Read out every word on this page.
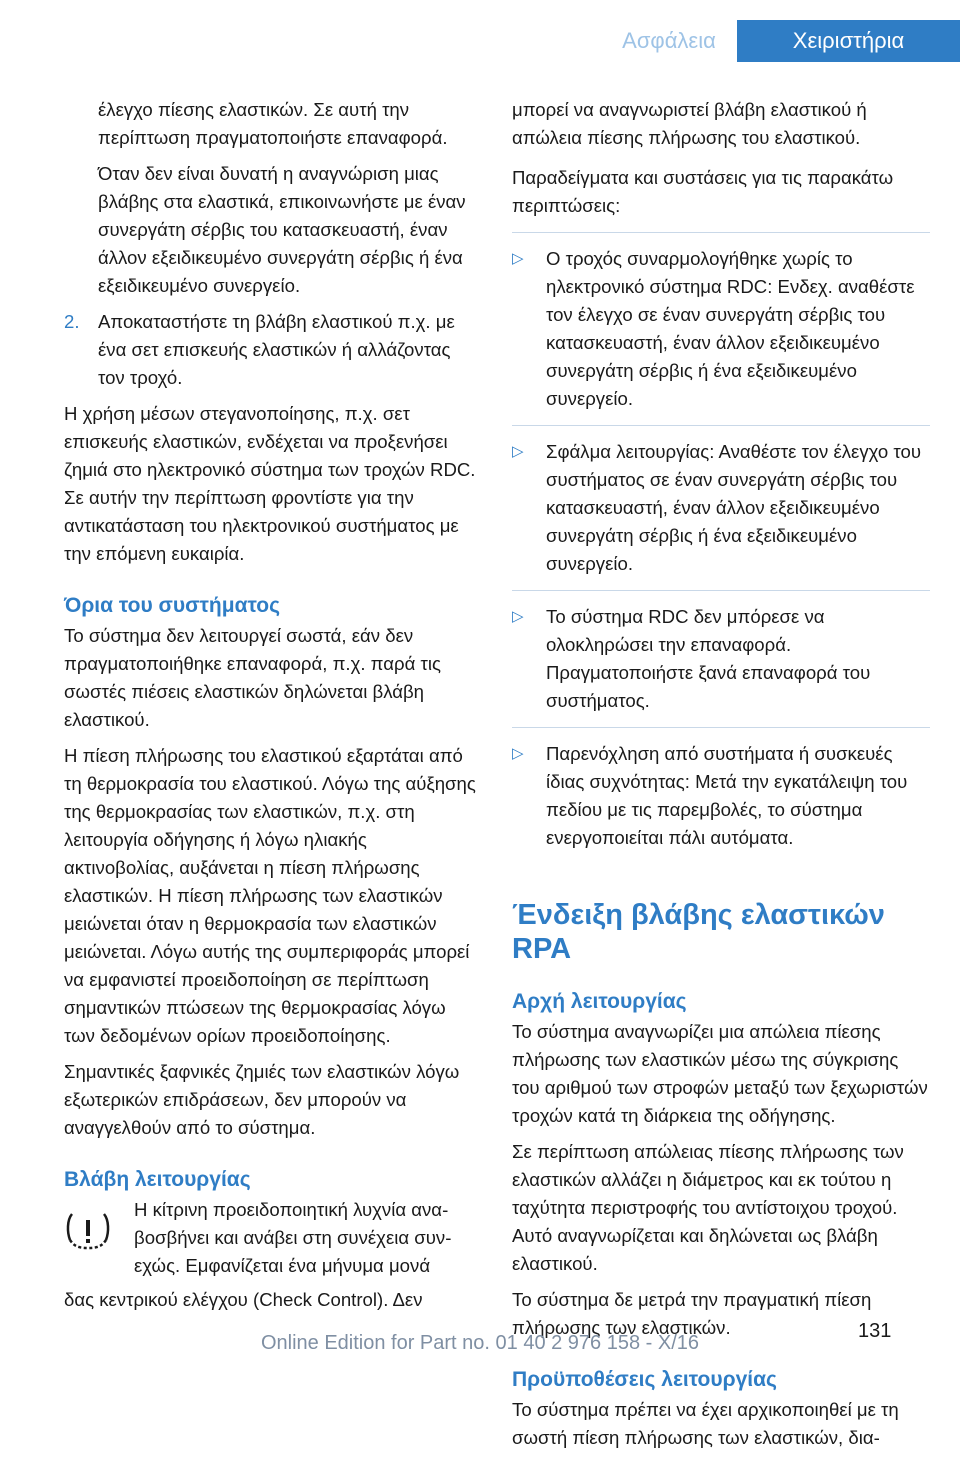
Ασφάλεια	Χειριστήρια

έλεγχο πίεσης ελαστικών. Σε αυτή την περίπτωση πραγματοποιήστε επαναφορά.

Όταν δεν είναι δυνατή η αναγνώριση μιας βλάβης στα ελαστικά, επικοινωνήστε με έναν συνεργάτη σέρβις του κατασκευαστή, έναν άλλον εξειδικευμένο συνεργάτη σέρβις ή ένα εξειδικευμένο συνεργείο.

2. Αποκαταστήστε τη βλάβη ελαστικού π.χ. με ένα σετ επισκευής ελαστικών ή αλλάζοντας τον τροχό.

Η χρήση μέσων στεγανοποίησης, π.χ. σετ επισκευής ελαστικών, ενδέχεται να προξενήσει ζημιά στο ηλεκτρονικό σύστημα των τροχών RDC. Σε αυτήν την περίπτωση φροντίστε για την αντικατάσταση του ηλεκτρονικού συστήματος με την επόμενη ευκαιρία.

Όρια του συστήματος

Το σύστημα δεν λειτουργεί σωστά, εάν δεν πραγματοποιήθηκε επαναφορά, π.χ. παρά τις σωστές πιέσεις ελαστικών δηλώνεται βλάβη ελαστικού.

Η πίεση πλήρωσης του ελαστικού εξαρτάται από τη θερμοκρασία του ελαστικού. Λόγω της αύξησης της θερμοκρασίας των ελαστικών, π.χ. στη λειτουργία οδήγησης ή λόγω ηλιακής ακτινοβολίας, αυξάνεται η πίεση πλήρωσης ελαστικών. Η πίεση πλήρωσης των ελαστικών μειώνεται όταν η θερμοκρασία των ελαστικών μειώνεται. Λόγω αυτής της συμπεριφοράς μπορεί να εμφανιστεί προειδοποίηση σε περίπτωση σημαντικών πτώσεων της θερμοκρασίας λόγω των δεδομένων ορίων προειδοποίησης.

Σημαντικές ξαφνικές ζημιές των ελαστικών λόγω εξωτερικών επιδράσεων, δεν μπορούν να αναγγελθούν από το σύστημα.

Βλάβη λειτουργίας
Η κίτρινη προειδοποιητική λυχνία αναβοσβήνει και ανάβει στη συνέχεια συνεχώς. Εμφανίζεται ένα μήνυμα μονά

δας κεντρικού ελέγχου (Check Control). Δεν

μπορεί να αναγνωριστεί βλάβη ελαστικού ή απώλεια πίεσης πλήρωσης του ελαστικού.

Παραδείγματα και συστάσεις για τις παρακάτω περιπτώσεις:

▷ Ο τροχός συναρμολογήθηκε χωρίς το ηλεκτρονικό σύστημα RDC: Ενδεχ. αναθέστε τον έλεγχο σε έναν συνεργάτη σέρβις του κατασκευαστή, έναν άλλον εξειδικευμένο συνεργάτη σέρβις ή ένα εξειδικευμένο συνεργείο.
▷ Σφάλμα λειτουργίας: Αναθέστε τον έλεγχο του συστήματος σε έναν συνεργάτη σέρβις του κατασκευαστή, έναν άλλον εξειδικευμένο συνεργάτη σέρβις ή ένα εξειδικευμένο συνεργείο.
▷ Το σύστημα RDC δεν μπόρεσε να ολοκληρώσει την επαναφορά. Πραγματοποιήστε ξανά επαναφορά του συστήματος.
▷ Παρενόχληση από συστήματα ή συσκευές ίδιας συχνότητας: Μετά την εγκατάλειψη του πεδίου με τις παρεμβολές, το σύστημα ενεργοποιείται πάλι αυτόματα.
Ένδειξη βλάβης ελαστικών RPA
Αρχή λειτουργίας

Το σύστημα αναγνωρίζει μια απώλεια πίεσης πλήρωσης των ελαστικών μέσω της σύγκρισης του αριθμού των στροφών μεταξύ των ξεχωριστών τροχών κατά τη διάρκεια της οδήγησης.

Σε περίπτωση απώλειας πίεσης πλήρωσης των ελαστικών αλλάζει η διάμετρος και εκ τούτου η ταχύτητα περιστροφής του αντίστοιχου τροχού. Αυτό αναγνωρίζεται και δηλώνεται ως βλάβη ελαστικού.

Το σύστημα δε μετρά την πραγματική πίεση πλήρωσης των ελαστικών.

Προϋποθέσεις λειτουργίας

Το σύστημα πρέπει να έχει αρχικοποιηθεί με τη σωστή πίεση πλήρωσης των ελαστικών, δια-

131
Online Edition for Part no. 01 40 2 976 158 - X/16
